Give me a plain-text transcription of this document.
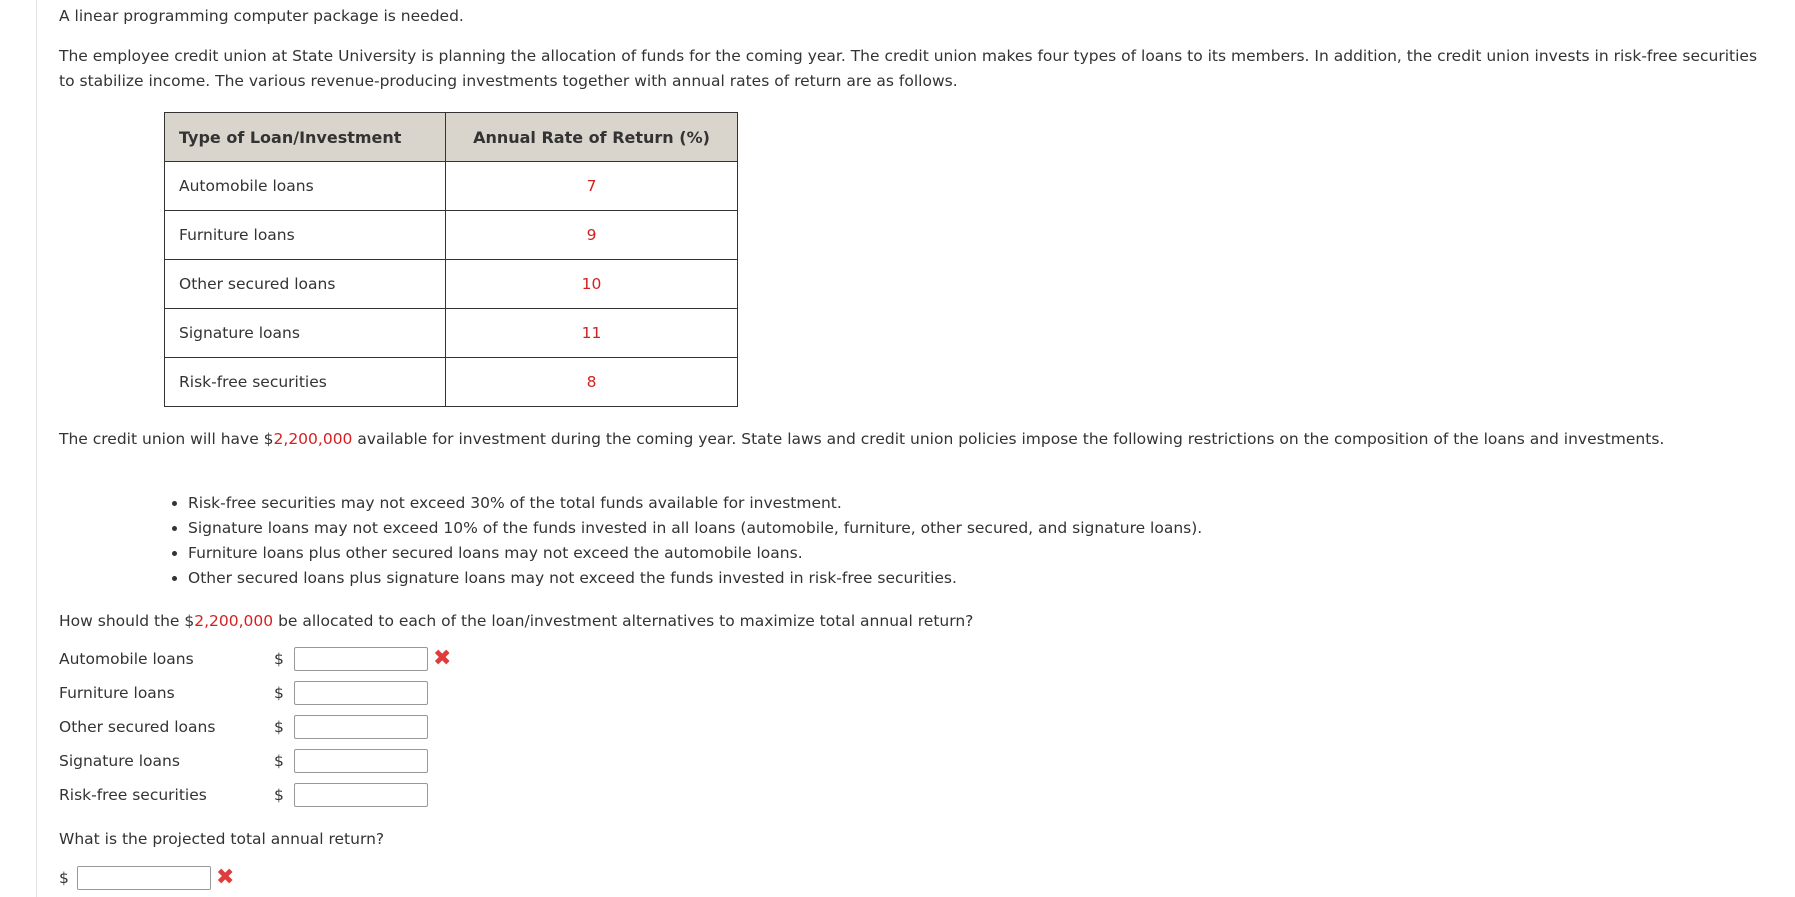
A linear programming computer package is needed.

The employee credit union at State University is planning the allocation of funds for the coming year. The credit union makes four types of loans to its members. In addition, the credit union invests in risk-free securities to stabilize income. The various revenue-producing investments together with annual rates of return are as follows.

Type of Loan/Investment	Annual Rate of Return (%)
Automobile loans	7
Furniture loans	9
Other secured loans	10
Signature loans	11
Risk-free securities	8

The credit union will have $2,200,000 available for investment during the coming year. State laws and credit union policies impose the following restrictions on the composition of the loans and investments.

• Risk-free securities may not exceed 30% of the total funds available for investment.
• Signature loans may not exceed 10% of the funds invested in all loans (automobile, furniture, other secured, and signature loans).
• Furniture loans plus other secured loans may not exceed the automobile loans.
• Other secured loans plus signature loans may not exceed the funds invested in risk-free securities.

How should the $2,200,000 be allocated to each of the loan/investment alternatives to maximize total annual return?

Automobile loans	$	✖
Furniture loans	$
Other secured loans	$
Signature loans	$
Risk-free securities	$

What is the projected total annual return?

$	✖
